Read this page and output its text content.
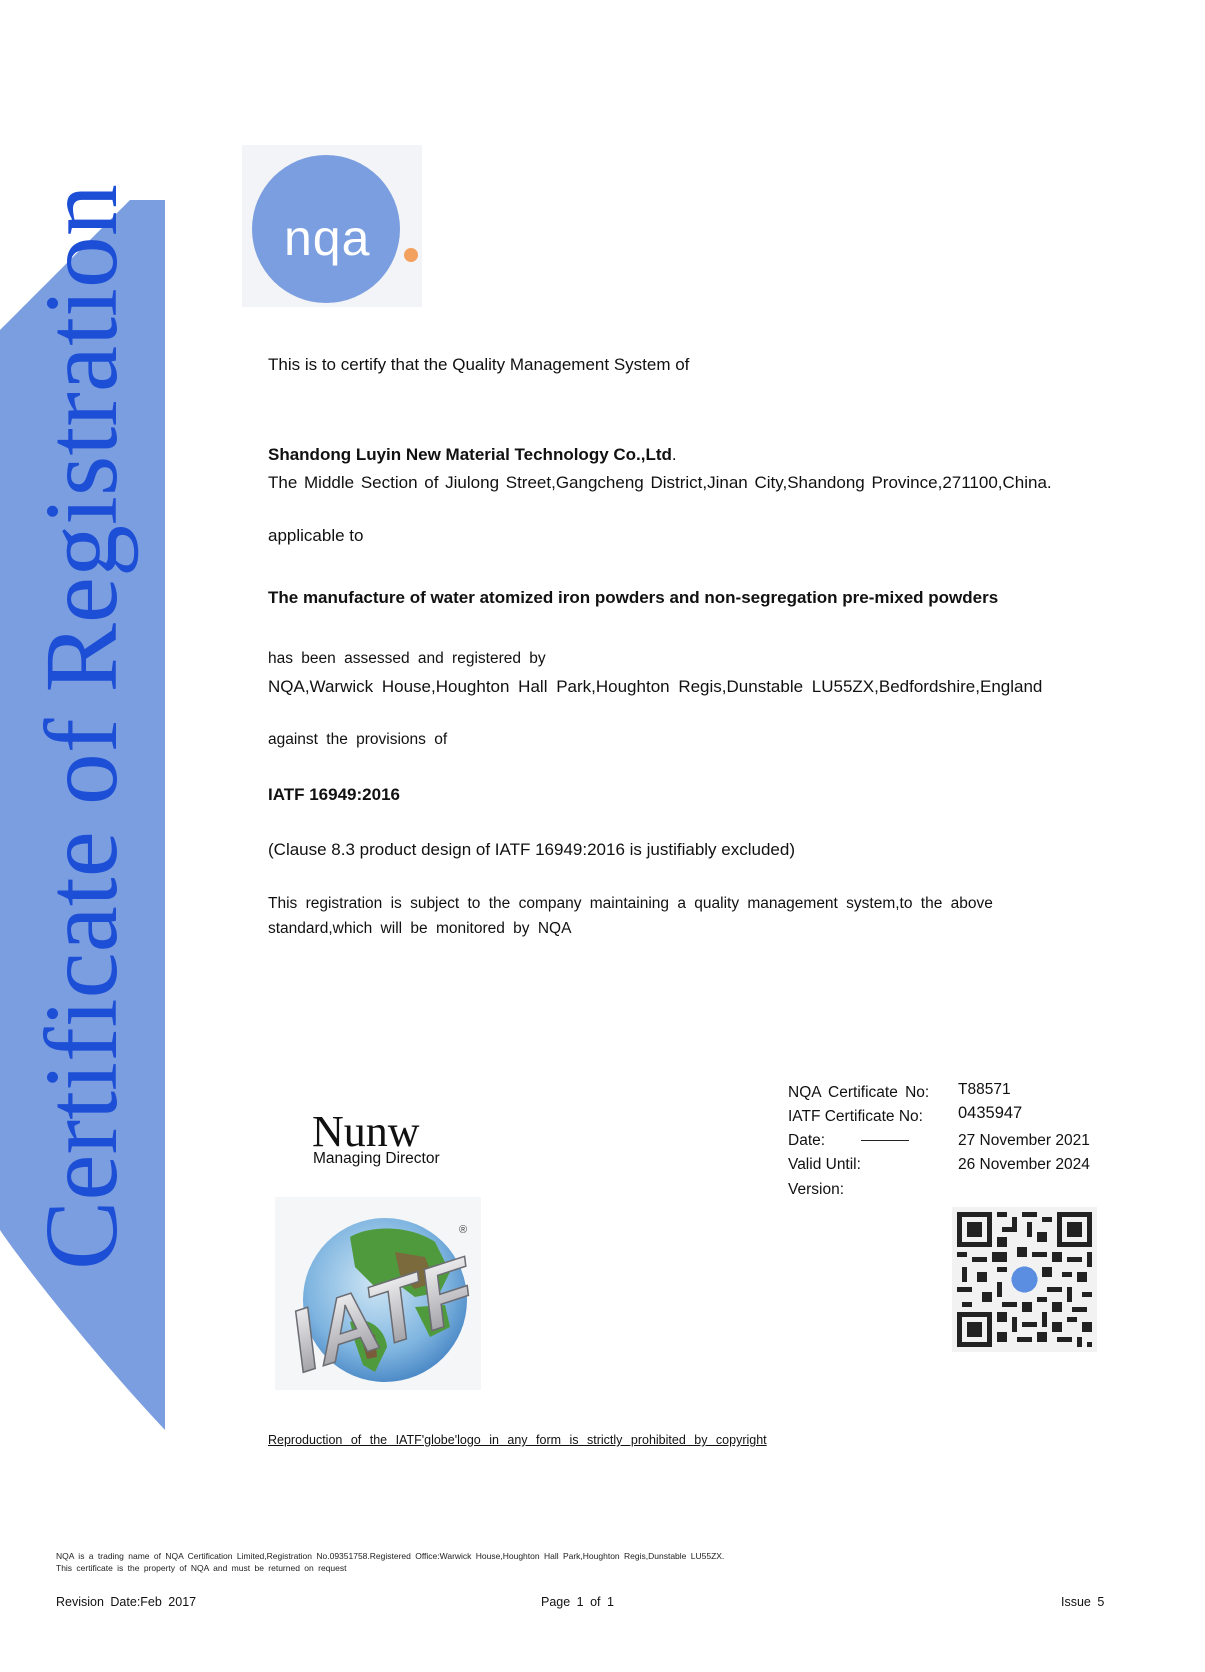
Certificate of Registration	nqa
This is to certify that the Quality Management System of
Shandong Luyin New Material Technology Co.,Ltd.
The Middle Section of Jiulong Street,Gangcheng District,Jinan City,Shandong Province,271100,China.
applicable to
The manufacture of water atomized iron powders and non-segregation pre-mixed powders
has been assessed and registered by
NQA,Warwick House,Houghton Hall Park,Houghton Regis,Dunstable LU55ZX,Bedfordshire,England
against the provisions of
IATF 16949:2016
(Clause 8.3 product design of IATF 16949:2016 is justifiably excluded)
This registration is subject to the company maintaining a quality management system,to the above
standard,which will be monitored by NQA
Nunw
Managing Director
NQA Certificate No: T88571
IATF Certificate No: 0435947
Date:	27 November 2021
Valid Until:	26 November 2024
Version:
IATF
®
Reproduction of the IATF'globe'logo in any form is strictly prohibited by copyright
NQA is a trading name of NQA Certification Limited,Registration No.09351758.Registered Office:Warwick House,Houghton Hall Park,Houghton Regis,Dunstable LU55ZX.
This certificate is the property of NQA and must be returned on request
Revision Date:Feb 2017	Page 1 of 1	Issue 5
